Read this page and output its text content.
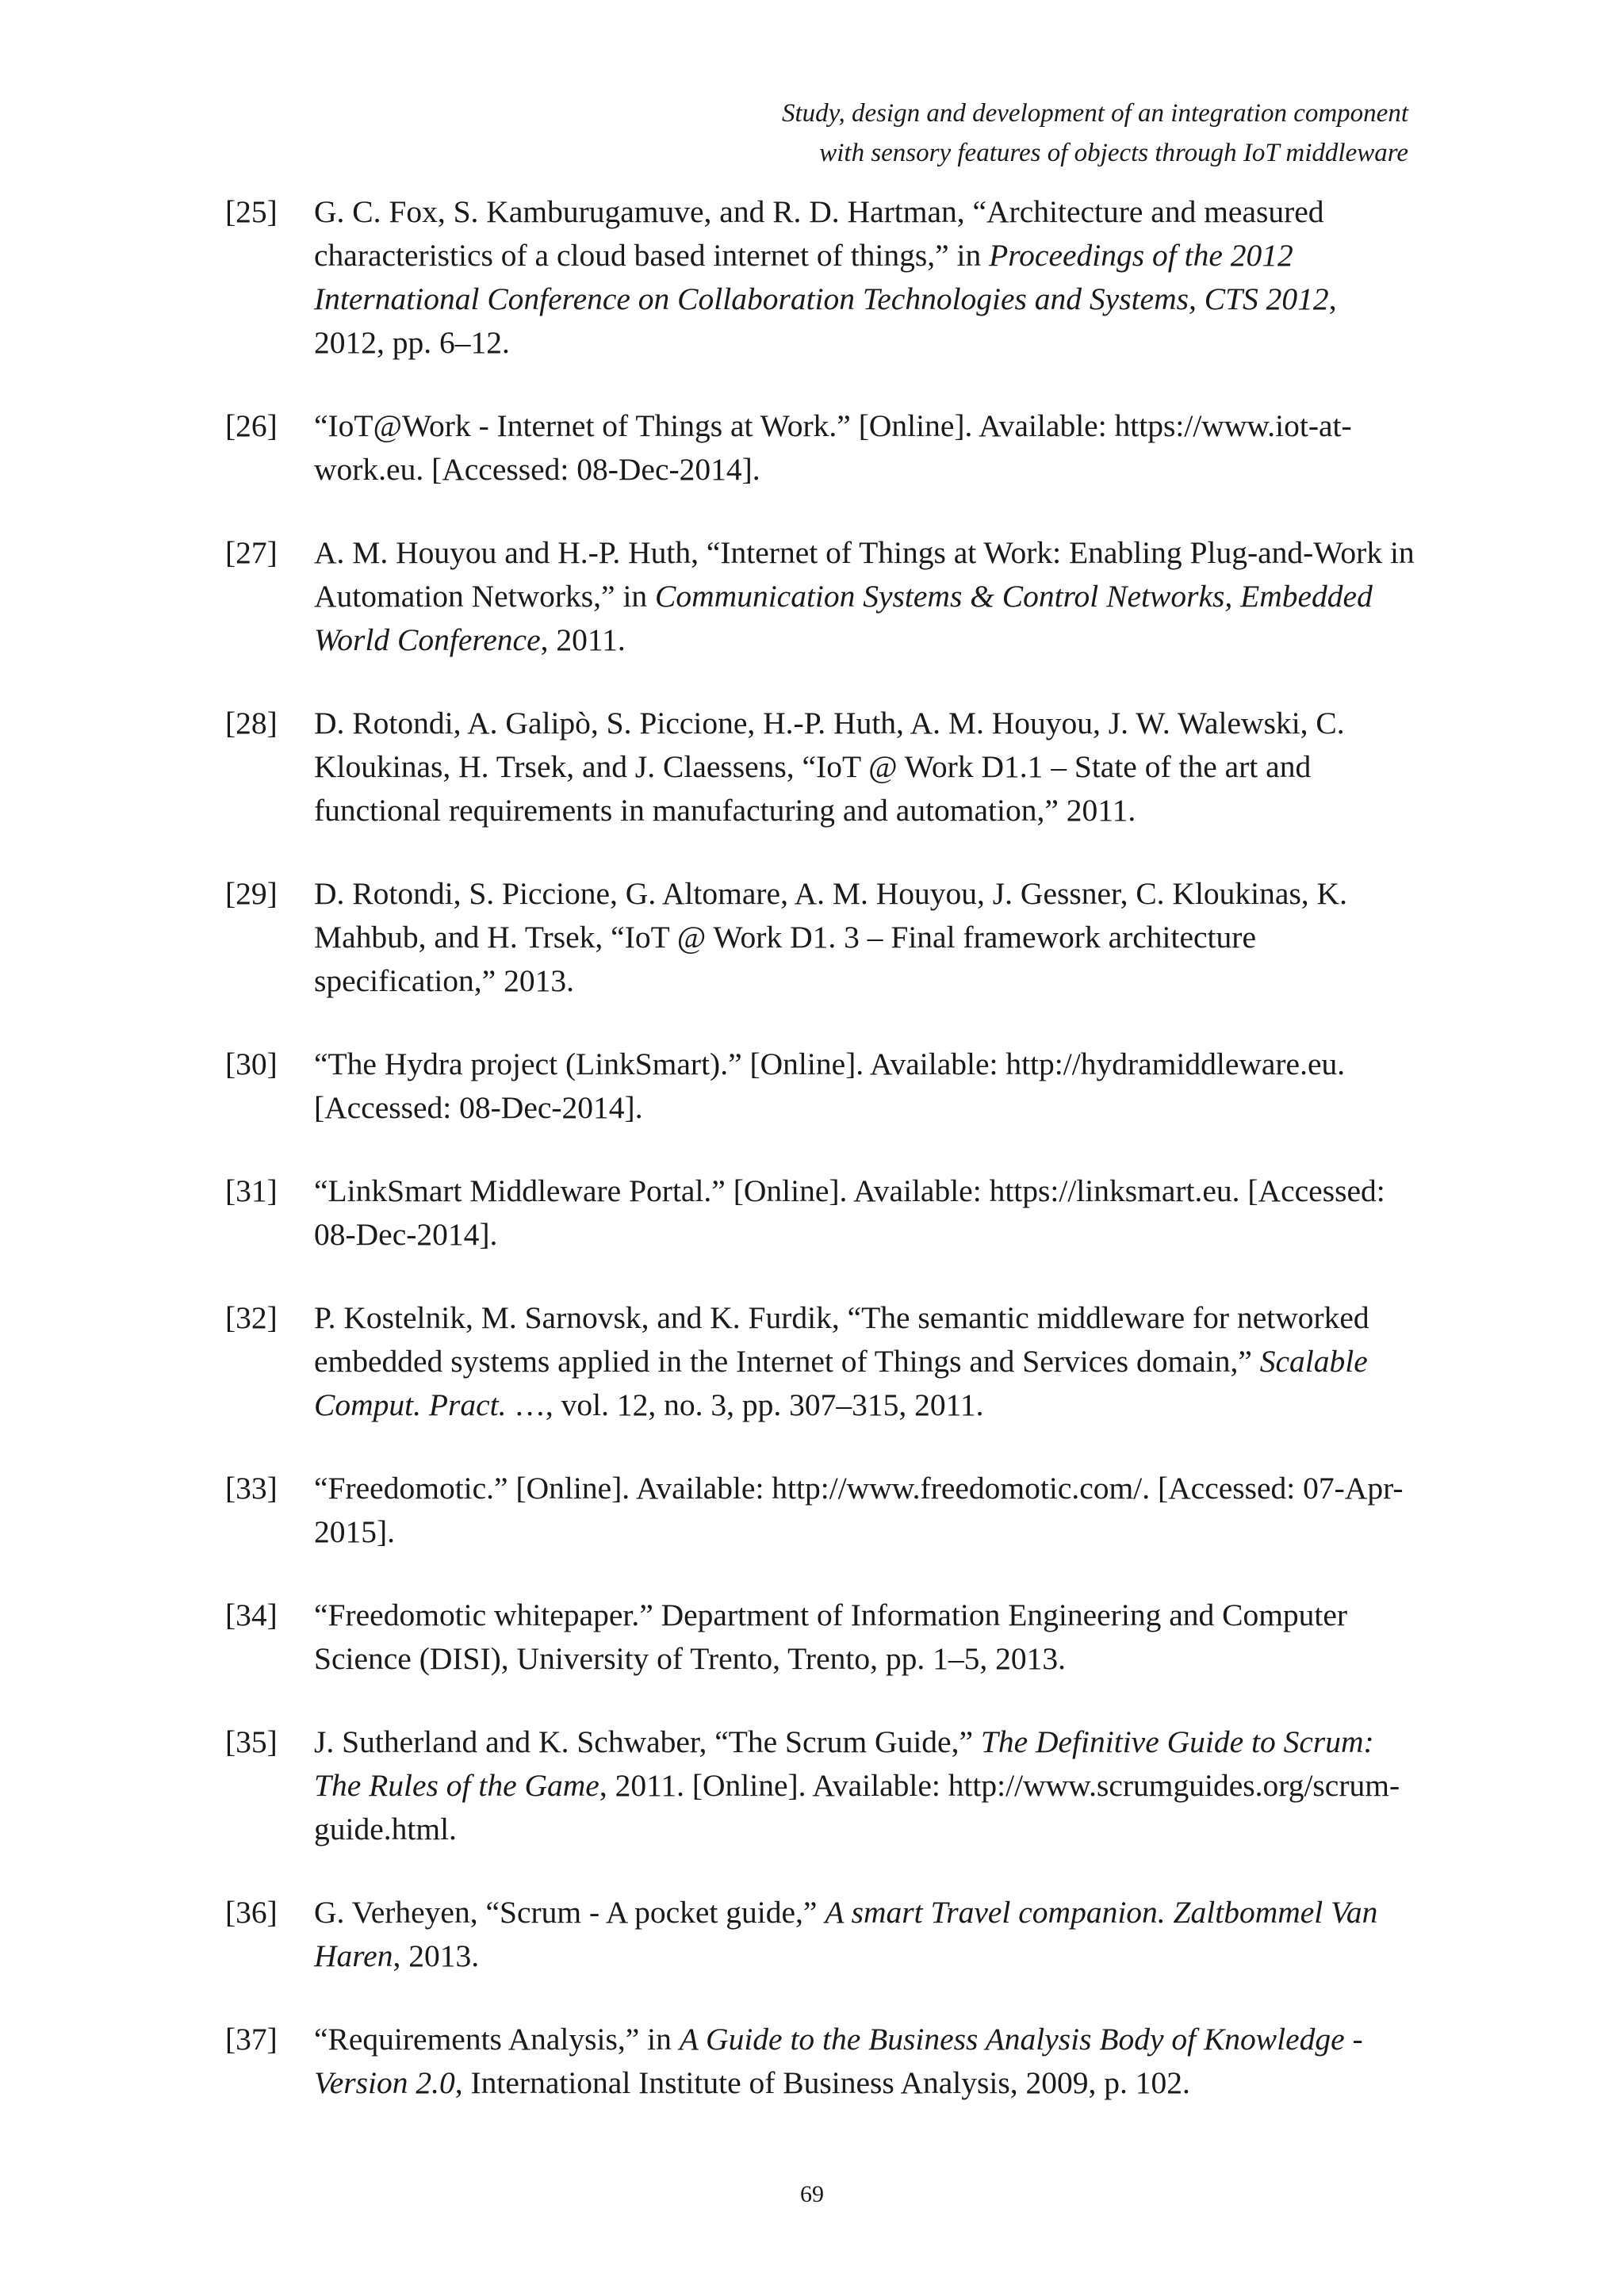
Study, design and development of an integration component
with sensory features of objects through IoT middleware
[25]	G. C. Fox, S. Kamburugamuve, and R. D. Hartman, “Architecture and measured characteristics of a cloud based internet of things,” in Proceedings of the 2012 International Conference on Collaboration Technologies and Systems, CTS 2012, 2012, pp. 6–12.
[26]	“IoT@Work - Internet of Things at Work.” [Online]. Available: https://www.iot-at-work.eu. [Accessed: 08-Dec-2014].
[27]	A. M. Houyou and H.-P. Huth, “Internet of Things at Work: Enabling Plug-and-Work in Automation Networks,” in Communication Systems & Control Networks, Embedded World Conference, 2011.
[28]	D. Rotondi, A. Galipò, S. Piccione, H.-P. Huth, A. M. Houyou, J. W. Walewski, C. Kloukinas, H. Trsek, and J. Claessens, “IoT @ Work D1.1 – State of the art and functional requirements in manufacturing and automation,” 2011.
[29]	D. Rotondi, S. Piccione, G. Altomare, A. M. Houyou, J. Gessner, C. Kloukinas, K. Mahbub, and H. Trsek, “IoT @ Work D1. 3 – Final framework architecture specification,” 2013.
[30]	“The Hydra project (LinkSmart).” [Online]. Available: http://hydramiddleware.eu. [Accessed: 08-Dec-2014].
[31]	“LinkSmart Middleware Portal.” [Online]. Available: https://linksmart.eu. [Accessed: 08-Dec-2014].
[32]	P. Kostelnik, M. Sarnovsk, and K. Furdik, “The semantic middleware for networked embedded systems applied in the Internet of Things and Services domain,” Scalable Comput. Pract. …, vol. 12, no. 3, pp. 307–315, 2011.
[33]	“Freedomotic.” [Online]. Available: http://www.freedomotic.com/. [Accessed: 07-Apr-2015].
[34]	“Freedomotic whitepaper.” Department of Information Engineering and Computer Science (DISI), University of Trento, Trento, pp. 1–5, 2013.
[35]	J. Sutherland and K. Schwaber, “The Scrum Guide,” The Definitive Guide to Scrum: The Rules of the Game, 2011. [Online]. Available: http://www.scrumguides.org/scrum-guide.html.
[36]	G. Verheyen, “Scrum - A pocket guide,” A smart Travel companion. Zaltbommel Van Haren, 2013.
[37]	“Requirements Analysis,” in A Guide to the Business Analysis Body of Knowledge - Version 2.0, International Institute of Business Analysis, 2009, p. 102.
69
